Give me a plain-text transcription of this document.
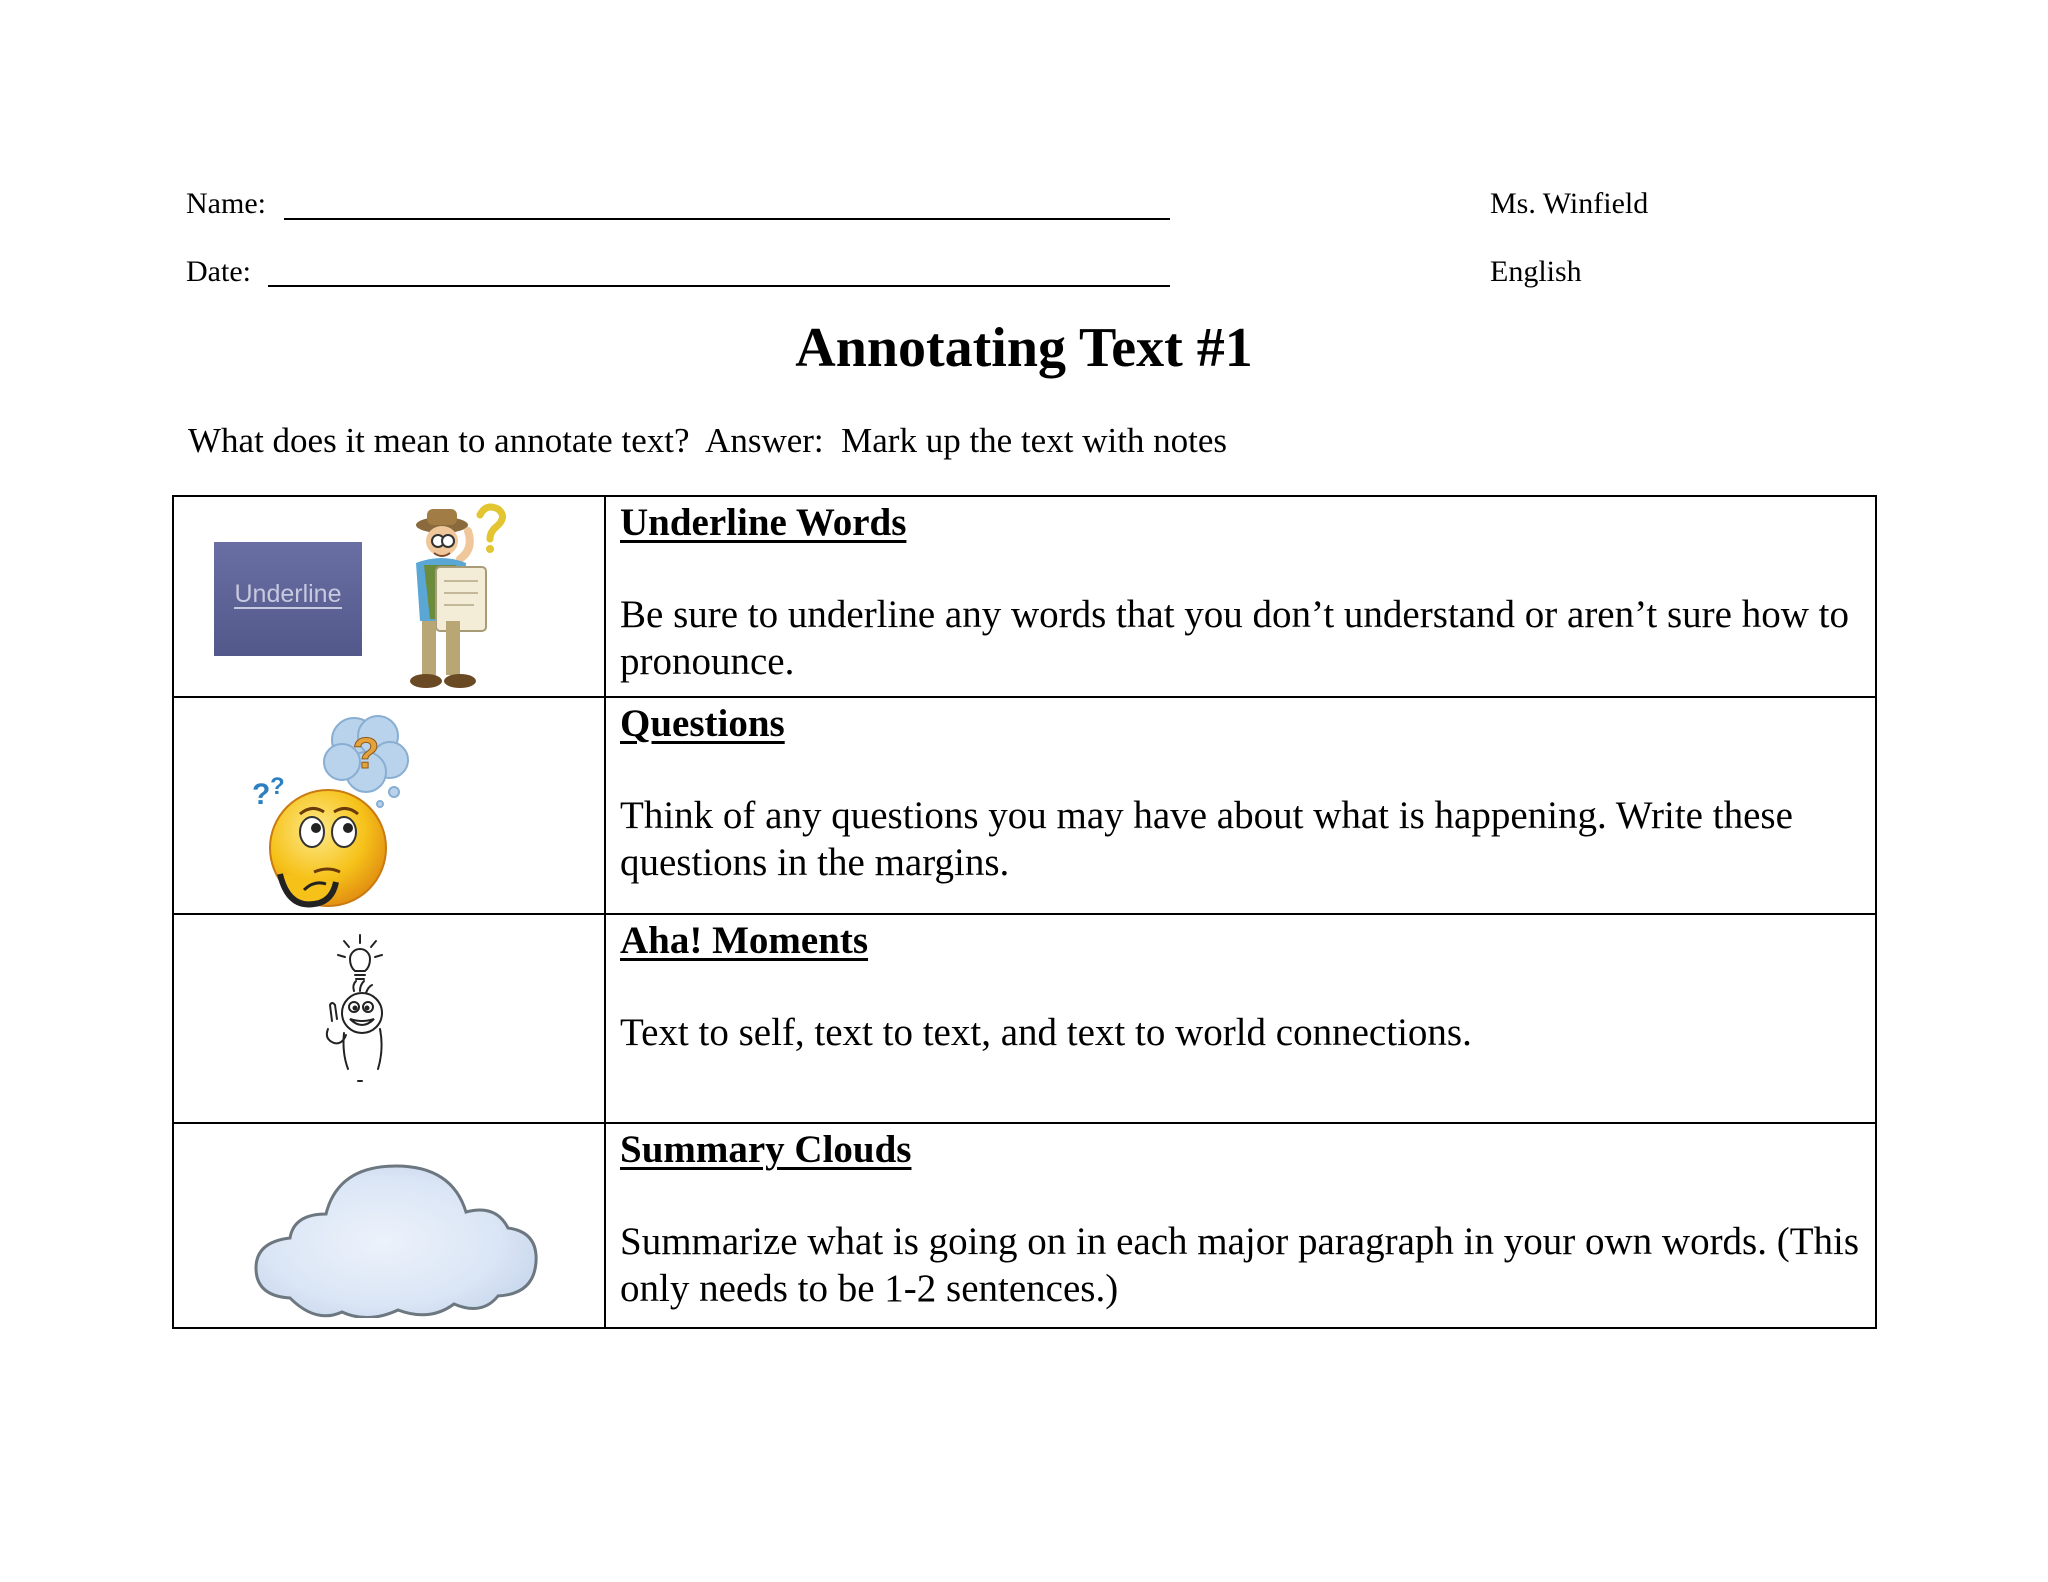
Name:
Date:
Ms. Winfield
English
Annotating Text #1
What does it mean to annotate text?  Answer:  Mark up the text with notes
Underline
Underline Words
Be sure to underline any words that you don’t understand or aren’t sure how to pronounce.
?
? ?
Questions
Think of any questions you may have about what is happening. Write these questions in the margins.
Aha! Moments
Text to self, text to text, and text to world connections.
Summary Clouds
Summarize what is going on in each major paragraph in your own words. (This only needs to be 1-2 sentences.)
